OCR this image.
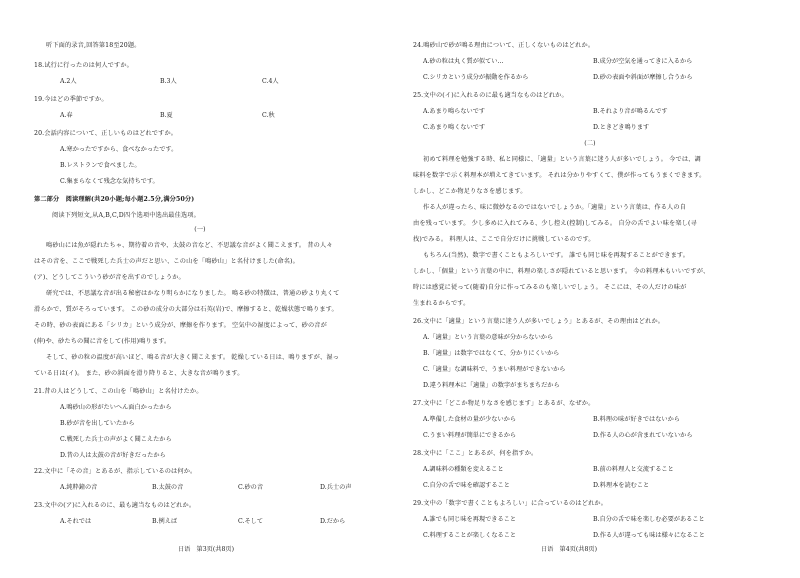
听下面的录音,回答第18至20题。
18.试行に行ったのは何人ですか。
A.2人	B.3人	C.4人
19.今はどの季節ですか。
A.春	B.夏	C.秋
20.会話内容について、正しいものはどれですか。
A.寒かったですから、食べなかったです。
B.レストランで食べました。
C.集まらなくて残念な気持ちです。
第二部分　阅读理解(共20小题;每小题2.5分,满分50分)
阅读下列短文,从A,B,C,D四个选项中选出最佳选项。
(一)
鳴砂山には魚が隠れたちゃ、期待着の音や、太鼓の音など、不思議な音がよく聞こえます。 昔の人々
はその音を、ここで戦死した兵士の声だと思い、この山を「鳴砂山」と名付けました(命名)。
(ア)、どうしてこういう砂が音を出すのでしょうか。
研究では、不思議な音が出る秘密はかなり明らかになりました。 鳴る砂の特徴は、普通の砂より丸くて
滑らかで、質がそろっています。 この砂の成分の大部分は石英(岩)で、摩擦すると、乾燥状態で鳴ります。
その時、砂の表面にある「シリカ」という成分が、摩擦を作ります。 空気中の湿度によって、砂の音が
(伸)や、砂たちの聞に音をして(作用)鳴ります。
そして、砂の粒の温度が高いほど、鳴る音が大きく聞こえます。 乾燥している日は、鳴りますが、湿っ
ている日は(イ)。 また、砂の斜面を滑り降りると、大きな音が鳴ります。
21.昔の人はどうして、この山を「鳴砂山」と名付けたか。
A.鳴砂山の形がたいへん面白かったから
B.砂が音を出していたから
C.戦死した兵士の声がよく聞こえたから
D.昔の人は太鼓の音が好きだったから
22.文中に「その音」とあるが、指示しているのは何か。
A.純粋鐘の音	B.太鼓の音	C.砂の音	D.兵士の声
23.文中の(ア)に入れるのに、最も適当なものはどれか。
A.それでは	B.例えば	C.そして	D.だから
日语　第3页(共8页)
24.鳴砂山で砂が鳴る理由について、正しくないものはどれか。
A.砂の粒は丸く質が似てい...	B.成分が空気を通ってきに入るから
C.シリカという成分が振動を作るから	D.砂の表面や斜面が摩擦し合うから
25.文中の(イ)に入れるのに最も適当なものはどれか。
A.あまり鳴らないです	B.それより音が鳴るんです
C.あまり鳴くないです	D.ときどき鳴ります
(二)
初めて料理を勉強する時、私と同様に、「適量」という言葉に迷う人が多いでしょう。 今では、調
味料を数字で示く料理本が増えてきています。 それは分かりやすくて、僕が作ってもうまくできます。
しかし、どこか物足りなさを感じます。
作る人が違ったら、味に微妙なるのではないでしょうか。「適量」という言葉は、作る人の自
由を残っています。 少し多めに入れてみる、少し控え(控制)してみる。 自分の舌でよい味を楽し(寻
找)でみる。 料理人は、ここで自分だけに挑戦しているのです。
もちろん(当然)、数字で書くこともよろしいです。 誰でも同じ味を再現することができます。
しかし、「個量」という言葉の中に、料理の楽しさが隠れていると思います。 今の料理本もいいですが、
時には感覚に従って(随着)自分に作ってみるのも楽しいでしょう。 そこには、その人だけの味が
生まれるからです。
26.文中に「適量」という言葉に迷う人が多いでしょう」とあるが、その理由はどれか。
A.「適量」という言葉の意味が分からないから
B.「適量」は数字ではなくて、分かりにくいから
C.「適量」な調味料で、うまい料理ができないから
D.違う料理本に「適量」の数字がまちまちだから
27.文中に「どこか物足りなさを感じます」とあるが、なぜか。
A.準備した食材の量が少ないから	B.料理の味が好きではないから
C.うまい料理が簡単にできるから	D.作る人の心が含まれていないから
28.文中に「ここ」とあるが、何を指すか。
A.調味料の種類を変えること	B.前の料理人と交流すること
C.自分の舌で味を確認すること	D.料理本を読むこと
29.文中の「数字で書くこともよろしい」に合っているのはどれか。
A.誰でも同じ味を再現できること	B.自分の舌で味を楽しむ必要があること
C.料理することが楽しくなること	D.作る人が違っても味は様々になること
日语　第4页(共8页)
